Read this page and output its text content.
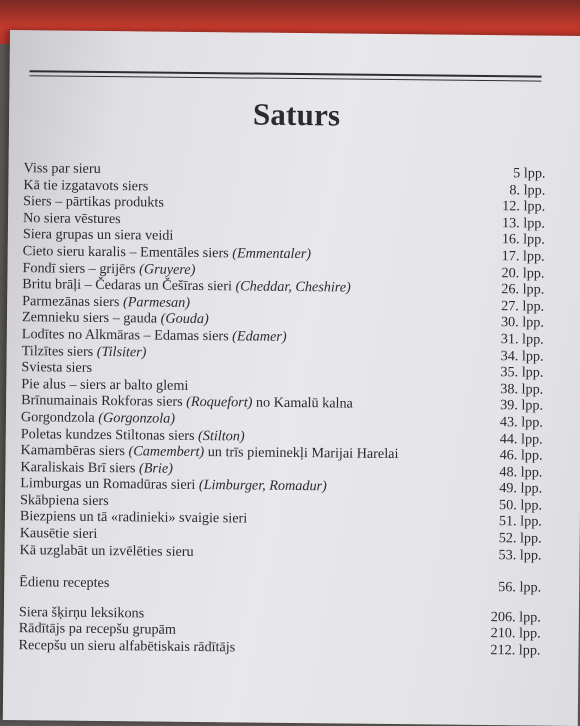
Saturs
Viss par sieru	5 lpp.
Kā tie izgatavots siers	8. lpp.
Siers – pārtikas produkts	12. lpp.
No siera vēstures	13. lpp.
Siera grupas un siera veidi	16. lpp.
Cieto sieru karalis – Ementāles siers (Emmentaler)	17. lpp.
Fondī siers – grijērs (Gruyere)	20. lpp.
Britu brāļi – Čedaras un Češīras sieri (Cheddar, Cheshire)	26. lpp.
Parmezānas siers (Parmesan)	27. lpp.
Zemnieku siers – gauda (Gouda)	30. lpp.
Lodītes no Alkmāras – Edamas siers (Edamer)	31. lpp.
Tilzītes siers (Tilsiter)	34. lpp.
Sviesta siers	35. lpp.
Pie alus – siers ar balto glemi	38. lpp.
Brīnumainais Rokforas siers (Roquefort) no Kamalū kalna	39. lpp.
Gorgondzola (Gorgonzola)	43. lpp.
Poletas kundzes Stiltonas siers (Stilton)	44. lpp.
Kamambēras siers (Camembert) un trīs pieminekļi Marijai Harelai	46. lpp.
Karaliskais Brī siers (Brie)	48. lpp.
Limburgas un Romadūras sieri (Limburger, Romadur)	49. lpp.
Skābpiena siers	50. lpp.
Biezpiens un tā «radinieki» svaigie sieri	51. lpp.
Kausētie sieri	52. lpp.
Kā uzglabāt un izvēlēties sieru	53. lpp.
Ēdienu receptes	56. lpp.
Siera šķirņu leksikons	206. lpp.
Rādītājs pa recepšu grupām	210. lpp.
Recepšu un sieru alfabētiskais rādītājs	212. lpp.
